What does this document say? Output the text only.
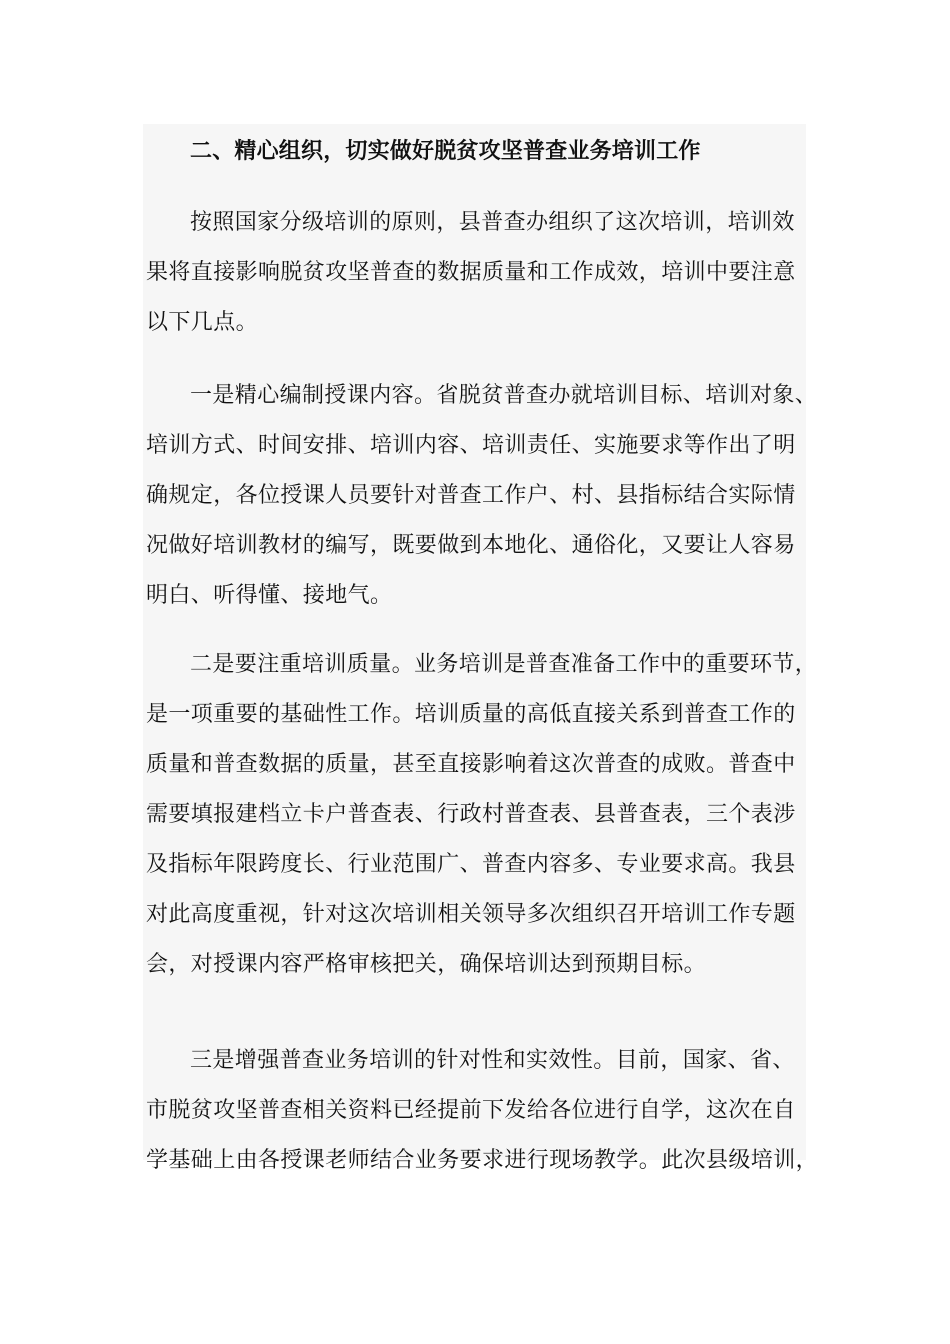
二、精心组织，切实做好脱贫攻坚普查业务培训工作
按照国家分级培训的原则，县普查办组织了这次培训，培训效
果将直接影响脱贫攻坚普查的数据质量和工作成效，培训中要注意
以下几点。
一是精心编制授课内容。省脱贫普查办就培训目标、培训对象、
培训方式、时间安排、培训内容、培训责任、实施要求等作出了明
确规定，各位授课人员要针对普查工作户、村、县指标结合实际情
况做好培训教材的编写，既要做到本地化、通俗化，又要让人容易
明白、听得懂、接地气。
二是要注重培训质量。业务培训是普查准备工作中的重要环节，
是一项重要的基础性工作。培训质量的高低直接关系到普查工作的
质量和普查数据的质量，甚至直接影响着这次普查的成败。普查中
需要填报建档立卡户普查表、行政村普查表、县普查表，三个表涉
及指标年限跨度长、行业范围广、普查内容多、专业要求高。我县
对此高度重视，针对这次培训相关领导多次组织召开培训工作专题
会，对授课内容严格审核把关，确保培训达到预期目标。
三是增强普查业务培训的针对性和实效性。目前，国家、省、
市脱贫攻坚普查相关资料已经提前下发给各位进行自学，这次在自
学基础上由各授课老师结合业务要求进行现场教学。此次县级培训，
